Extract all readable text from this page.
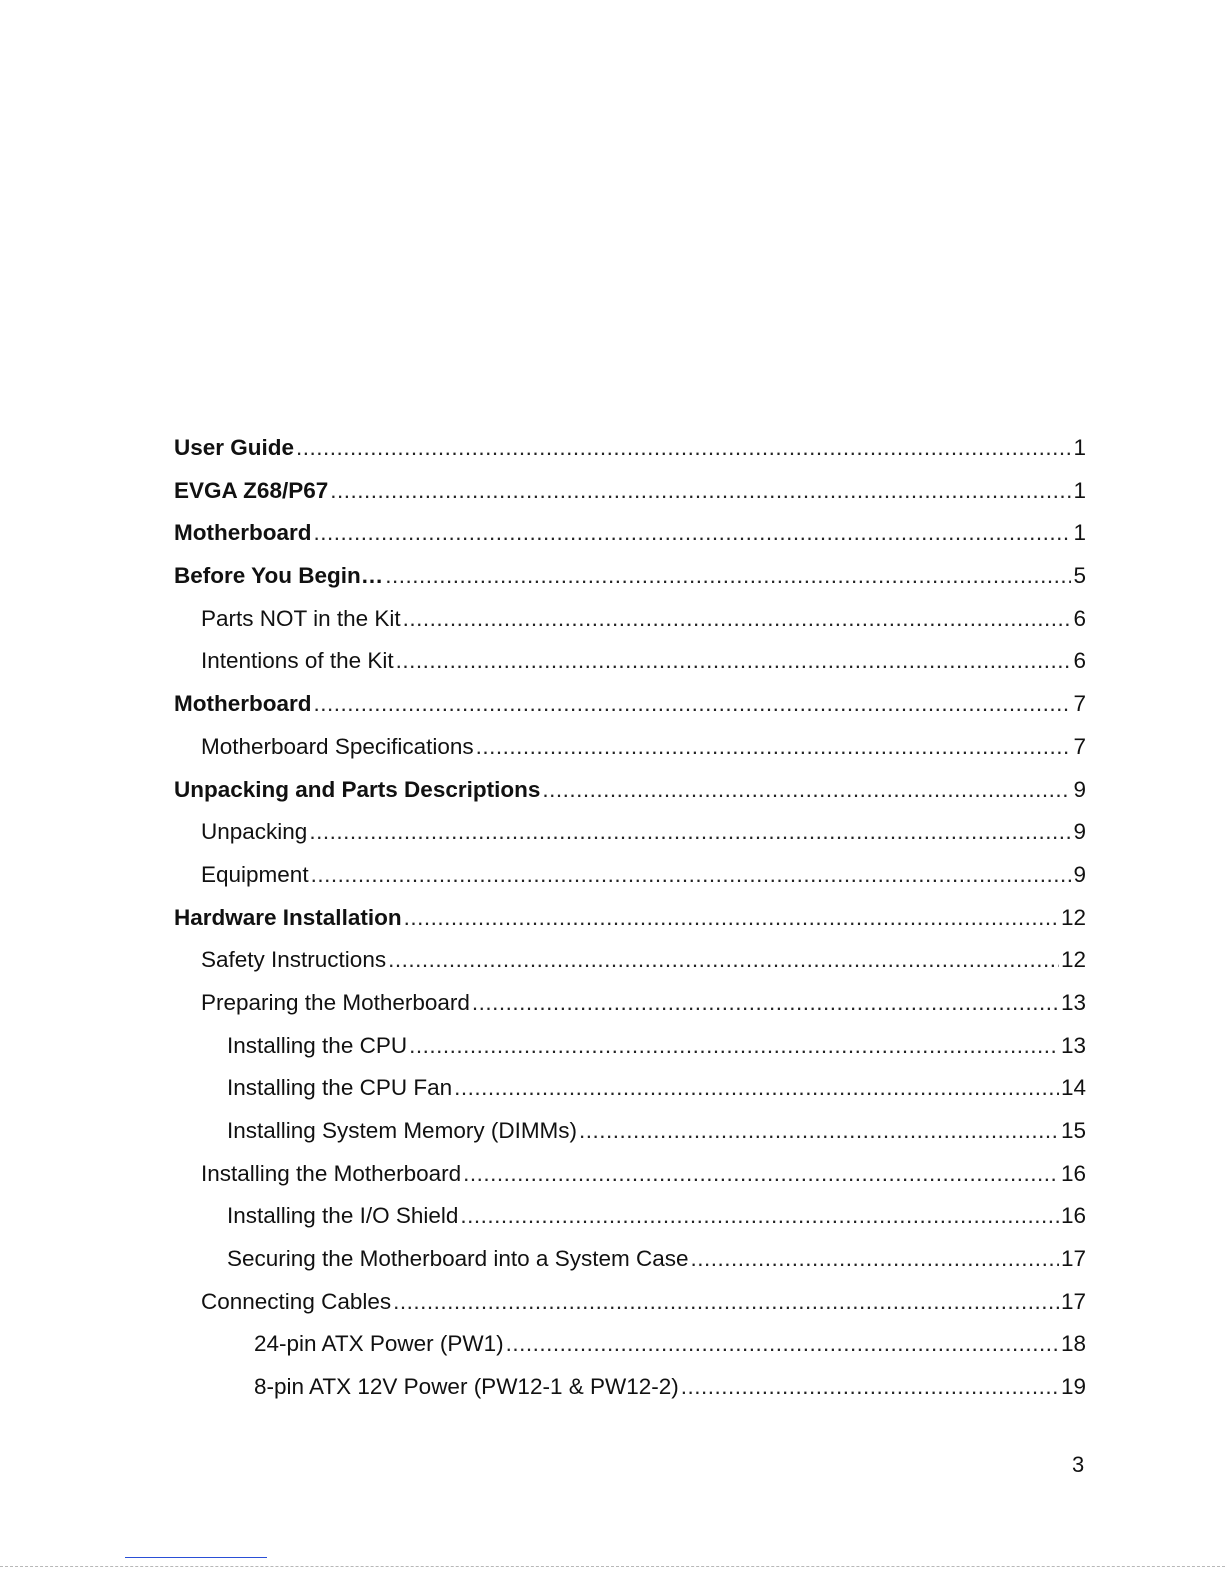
User Guide .....	1
EVGA Z68/P67 .....	1
Motherboard .....	1
Before You Begin… .....	5
Parts NOT in the Kit .....	6
Intentions of the Kit .....	6
Motherboard .....	7
Motherboard Specifications .....	7
Unpacking and Parts Descriptions .....	9
Unpacking .....	9
Equipment .....	9
Hardware Installation .....	12
Safety Instructions .....	12
Preparing the Motherboard .....	13
Installing the CPU .....	13
Installing the CPU Fan .....	14
Installing System Memory (DIMMs) .....	15
Installing the Motherboard .....	16
Installing the I/O Shield .....	16
Securing the Motherboard into a System Case .....	17
Connecting Cables .....	17
24-pin ATX Power (PW1) .....	18
8-pin ATX 12V Power (PW12-1 & PW12-2) .....	19
3
